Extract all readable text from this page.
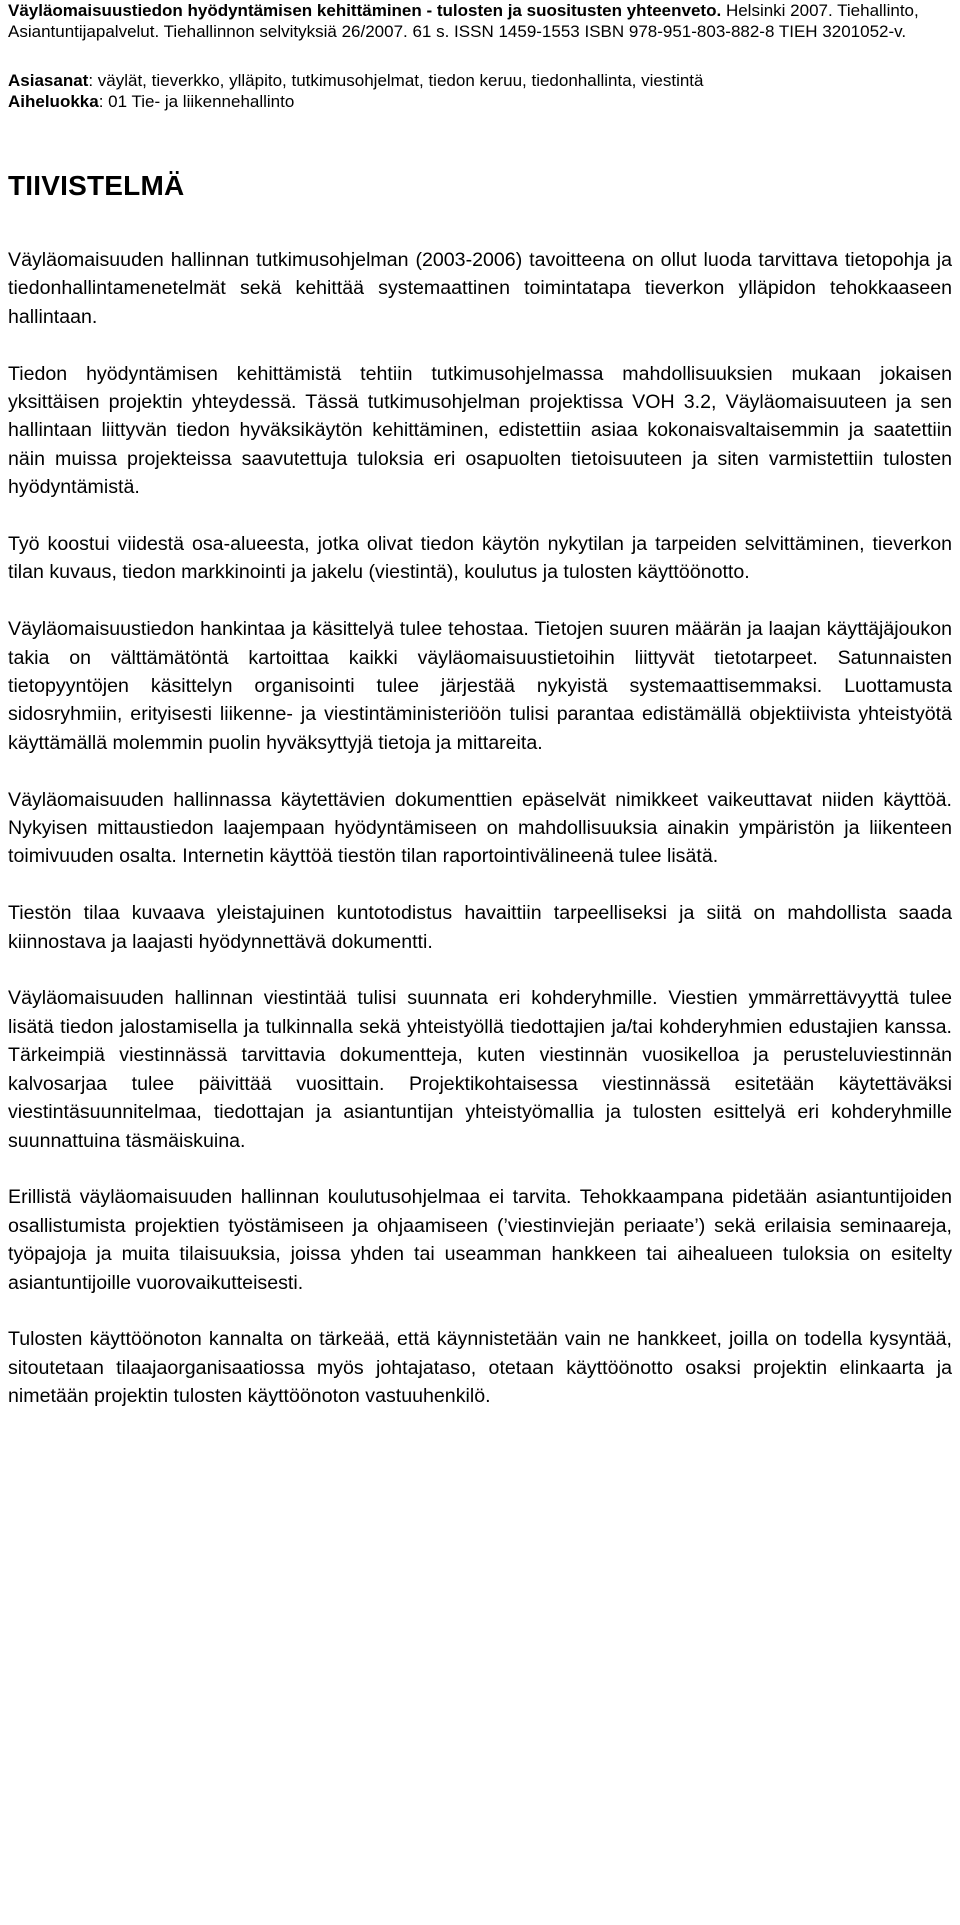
Väyläomaisuustiedon hyödyntämisen kehittäminen - tulosten ja suositusten yhteenveto. Helsinki 2007. Tiehallinto, Asiantuntijapalvelut. Tiehallinnon selvityksiä 26/2007. 61 s. ISSN 1459-1553 ISBN 978-951-803-882-8 TIEH 3201052-v.
Asiasanat: väylät, tieverkko, ylläpito, tutkimusohjelmat, tiedon keruu, tiedonhallinta, viestintä
Aiheluokka: 01 Tie- ja liikennehallinto
TIIVISTELMÄ

Väyläomaisuuden hallinnan tutkimusohjelman (2003-2006) tavoitteena on ollut luoda tarvittava tietopohja ja tiedonhallintamenetelmät sekä kehittää systemaattinen toimintatapa tieverkon ylläpidon tehokkaaseen hallintaan.

Tiedon hyödyntämisen kehittämistä tehtiin tutkimusohjelmassa mahdollisuuksien mukaan jokaisen yksittäisen projektin yhteydessä. Tässä tutkimusohjelman projektissa VOH 3.2, Väyläomaisuuteen ja sen hallintaan liittyvän tiedon hyväksikäytön kehittäminen, edistettiin asiaa kokonaisvaltaisemmin ja saatettiin näin muissa projekteissa saavutettuja tuloksia eri osapuolten tietoisuuteen ja siten varmistettiin tulosten hyödyntämistä.

Työ koostui viidestä osa-alueesta, jotka olivat tiedon käytön nykytilan ja tarpeiden selvittäminen, tieverkon tilan kuvaus, tiedon markkinointi ja jakelu (viestintä), koulutus ja tulosten käyttöönotto.

Väyläomaisuustiedon hankintaa ja käsittelyä tulee tehostaa. Tietojen suuren määrän ja laajan käyttäjäjoukon takia on välttämätöntä kartoittaa kaikki väyläomaisuustietoihin liittyvät tietotarpeet. Satunnaisten tietopyyntöjen käsittelyn organisointi tulee järjestää nykyistä systemaattisemmaksi. Luottamusta sidosryhmiin, erityisesti liikenne- ja viestintäministeriöön tulisi parantaa edistämällä objektiivista yhteistyötä käyttämällä molemmin puolin hyväksyttyjä tietoja ja mittareita.

Väyläomaisuuden hallinnassa käytettävien dokumenttien epäselvät nimikkeet vaikeuttavat niiden käyttöä. Nykyisen mittaustiedon laajempaan hyödyntämiseen on mahdollisuuksia ainakin ympäristön ja liikenteen toimivuuden osalta. Internetin käyttöä tiestön tilan raportointivälineenä tulee lisätä.

Tiestön tilaa kuvaava yleistajuinen kuntotodistus havaittiin tarpeelliseksi ja siitä on mahdollista saada kiinnostava ja laajasti hyödynnettävä dokumentti.

Väyläomaisuuden hallinnan viestintää tulisi suunnata eri kohderyhmille. Viestien ymmärrettävyyttä tulee lisätä tiedon jalostamisella ja tulkinnalla sekä yhteistyöllä tiedottajien ja/tai kohderyhmien edustajien kanssa. Tärkeimpiä viestinnässä tarvittavia dokumentteja, kuten viestinnän vuosikelloa ja perusteluviestinnän kalvosarjaa tulee päivittää vuosittain. Projektikohtaisessa viestinnässä esitetään käytettäväksi viestintäsuunnitelmaa, tiedottajan ja asiantuntijan yhteistyömallia ja tulosten esittelyä eri kohderyhmille suunnattuina täsmäiskuina.

Erillistä väyläomaisuuden hallinnan koulutusohjelmaa ei tarvita. Tehokkaampana pidetään asiantuntijoiden osallistumista projektien työstämiseen ja ohjaamiseen (’viestinviejän periaate’) sekä erilaisia seminaareja, työpajoja ja muita tilaisuuksia, joissa yhden tai useamman hankkeen tai aihealueen tuloksia on esitelty asiantuntijoille vuorovaikutteisesti.

Tulosten käyttöönoton kannalta on tärkeää, että käynnistetään vain ne hankkeet, joilla on todella kysyntää, sitoutetaan tilaajaorganisaatiossa myös johtajataso, otetaan käyttöönotto osaksi projektin elinkaarta ja nimetään projektin tulosten käyttöönoton vastuuhenkilö.
